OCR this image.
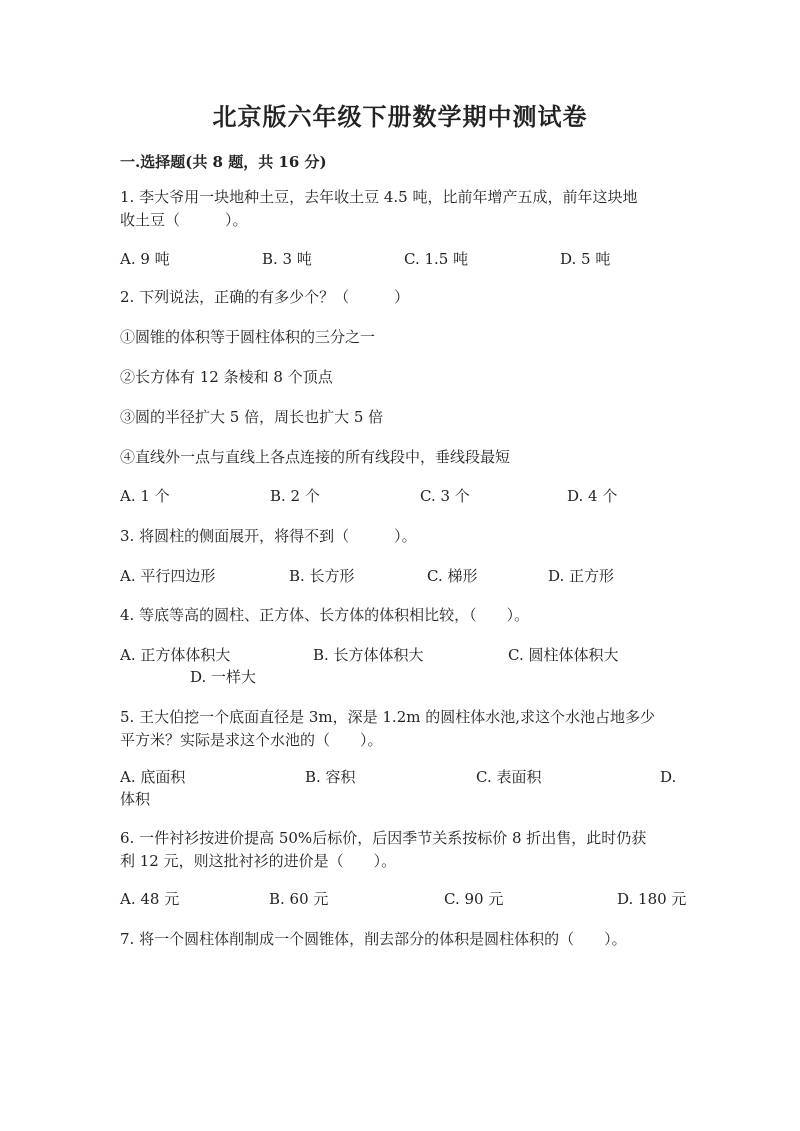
北京版六年级下册数学期中测试卷
一.选择题(共 8 题，共 16 分)
1. 李大爷用一块地种土豆，去年收土豆 4.5 吨，比前年增产五成，前年这块地
收土豆（　　　）。
A. 9 吨	B. 3 吨	C. 1.5 吨	D. 5 吨
2. 下列说法，正确的有多少个？（　　　）
①圆锥的体积等于圆柱体积的三分之一
②长方体有 12 条棱和 8 个顶点
③圆的半径扩大 5 倍，周长也扩大 5 倍
④直线外一点与直线上各点连接的所有线段中，垂线段最短
A. 1 个	B. 2 个	C. 3 个	D. 4 个
3. 将圆柱的侧面展开，将得不到（　　　）。
A. 平行四边形	B. 长方形	C. 梯形	D. 正方形
4. 等底等高的圆柱、正方体、长方体的体积相比较，（　　）。
A. 正方体体积大	B. 长方体体积大	C. 圆柱体体积大
D. 一样大
5. 王大伯挖一个底面直径是 3m，深是 1.2m 的圆柱体水池,求这个水池占地多少
平方米？实际是求这个水池的（　　）。
A. 底面积	B. 容积	C. 表面积	D.
体积
6. 一件衬衫按进价提高 50%后标价，后因季节关系按标价 8 折出售，此时仍获
利 12 元，则这批衬衫的进价是（　　）。
A. 48 元	B. 60 元	C. 90 元	D. 180 元
7. 将一个圆柱体削制成一个圆锥体，削去部分的体积是圆柱体积的（　　）。
